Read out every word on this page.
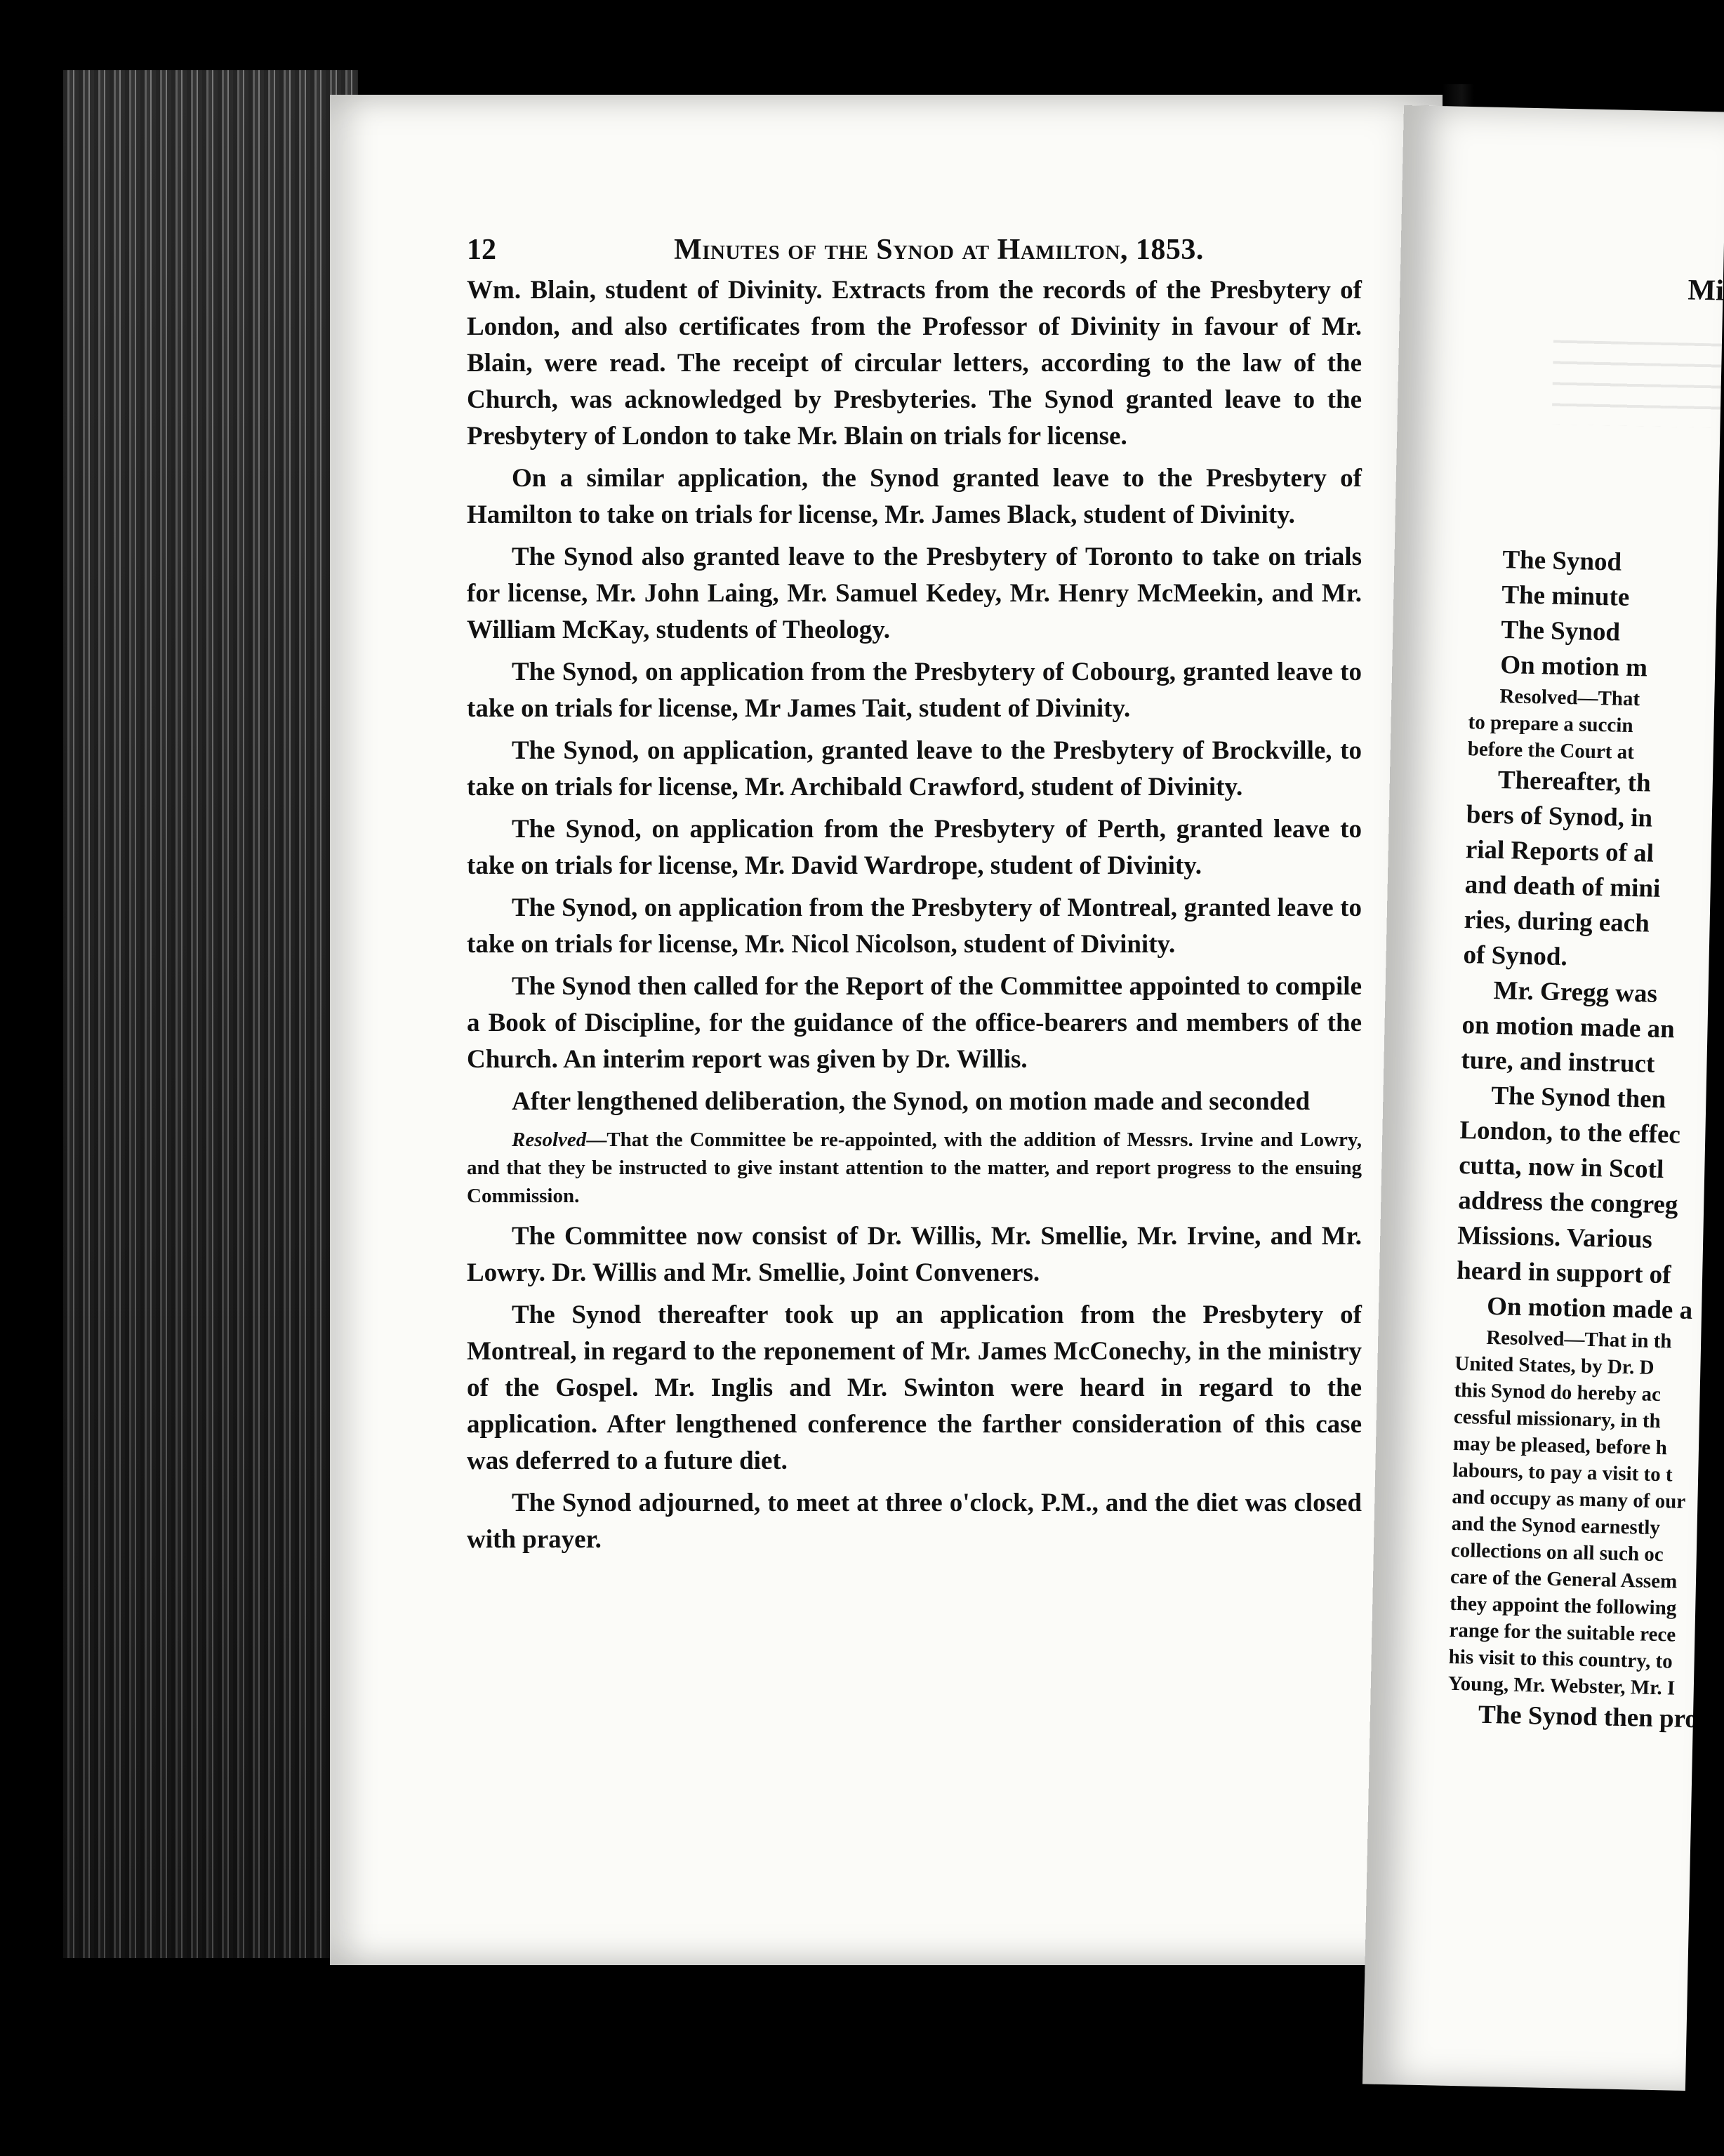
12	Minutes of the Synod at Hamilton, 1853.

Wm. Blain, student of Divinity. Extracts from the records of the Presbytery of London, and also certificates from the Professor of Divinity in favour of Mr. Blain, were read. The receipt of circular letters, according to the law of the Church, was acknowledged by Presbyteries. The Synod granted leave to the Presbytery of London to take Mr. Blain on trials for license.

On a similar application, the Synod granted leave to the Presbytery of Hamilton to take on trials for license, Mr. James Black, student of Divinity.

The Synod also granted leave to the Presbytery of Toronto to take on trials for license, Mr. John Laing, Mr. Samuel Kedey, Mr. Henry McMeekin, and Mr. William McKay, students of Theology.

The Synod, on application from the Presbytery of Cobourg, granted leave to take on trials for license, Mr James Tait, student of Divinity.

The Synod, on application, granted leave to the Presbytery of Brockville, to take on trials for license, Mr. Archibald Crawford, student of Divinity.

The Synod, on application from the Presbytery of Perth, granted leave to take on trials for license, Mr. David Wardrope, student of Divinity.

The Synod, on application from the Presbytery of Montreal, granted leave to take on trials for license, Mr. Nicol Nicolson, student of Divinity.

The Synod then called for the Report of the Committee appointed to compile a Book of Discipline, for the guidance of the office-bearers and members of the Church. An interim report was given by Dr. Willis.

After lengthened deliberation, the Synod, on motion made and seconded

Resolved—That the Committee be re-appointed, with the addition of Messrs. Irvine and Lowry, and that they be instructed to give instant attention to the matter, and report progress to the ensuing Commission.

The Committee now consist of Dr. Willis, Mr. Smellie, Mr. Irvine, and Mr. Lowry. Dr. Willis and Mr. Smellie, Joint Conveners.

The Synod thereafter took up an application from the Presbytery of Montreal, in regard to the reponement of Mr. James McConechy, in the ministry of the Gospel. Mr. Inglis and Mr. Swinton were heard in regard to the application. After lengthened conference the farther consideration of this case was deferred to a future diet.

The Synod adjourned, to meet at three o'clock, P.M., and the diet was closed with prayer.

Mi

The Synod

The minute

The Synod

On motion m

Resolved—That

to prepare a succin

before the Court at

Thereafter, th

bers of Synod, in

rial Reports of al

and death of mini

ries, during each

of Synod.

Mr. Gregg was

on motion made an

ture, and instruct

The Synod then

London, to the effec

cutta, now in Scotl

address the congreg

Missions. Various

heard in support of

On motion made a

Resolved—That in th

United States, by Dr. D

this Synod do hereby ac

cessful missionary, in th

may be pleased, before h

labours, to pay a visit to t

and occupy as many of our

and the Synod earnestly

collections on all such oc

care of the General Assem

they appoint the following

range for the suitable rece

his visit to this country, to

Young, Mr. Webster, Mr. I

The Synod then pro
